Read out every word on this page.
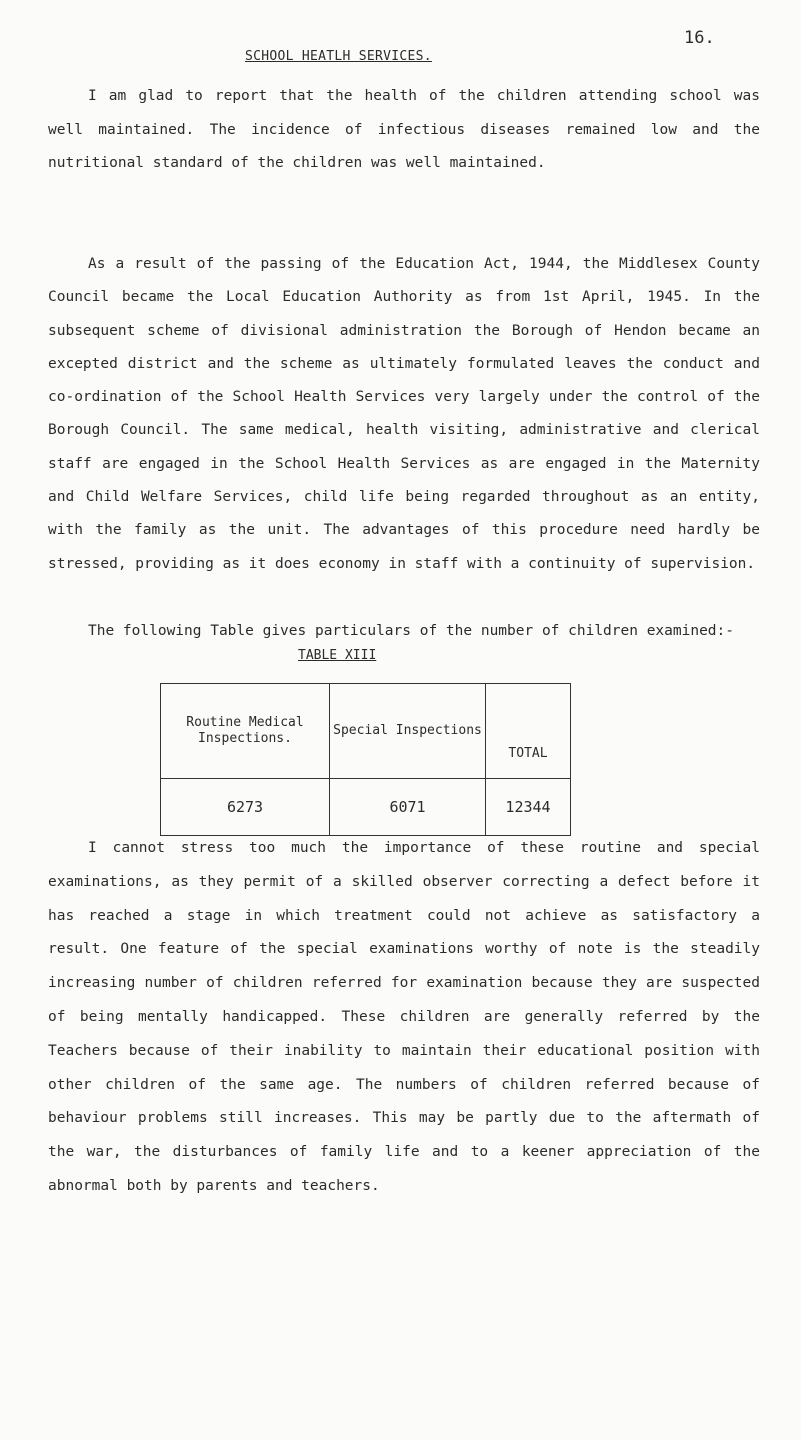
16.
SCHOOL HEATLH SERVICES.

I am glad to report that the health of the children attending school was well maintained. The incidence of infectious diseases remained low and the nutritional standard of the children was well maintained.

As a result of the passing of the Education Act, 1944, the Middlesex County Council became the Local Education Authority as from 1st April, 1945. In the subsequent scheme of divisional administration the Borough of Hendon became an excepted district and the scheme as ultimately formulated leaves the conduct and co-ordination of the School Health Services very largely under the control of the Borough Council. The same medical, health visiting, administrative and clerical staff are engaged in the School Health Services as are engaged in the Maternity and Child Welfare Services, child life being regarded throughout as an entity, with the family as the unit. The advantages of this procedure need hardly be stressed, providing as it does economy in staff with a continuity of supervision.

The following Table gives particulars of the number of children examined:-

TABLE XIII
Routine Medical Inspections.	Special Inspections	TOTAL
6273	6071	12344

I cannot stress too much the importance of these routine and special examinations, as they permit of a skilled observer correcting a defect before it has reached a stage in which treatment could not achieve as satisfactory a result. One feature of the special examinations worthy of note is the steadily increasing number of children referred for examination because they are suspected of being mentally handicapped. These children are generally referred by the Teachers because of their inability to maintain their educational position with other children of the same age. The numbers of children referred because of behaviour problems still increases. This may be partly due to the aftermath of the war, the disturbances of family life and to a keener appreciation of the abnormal both by parents and teachers.
